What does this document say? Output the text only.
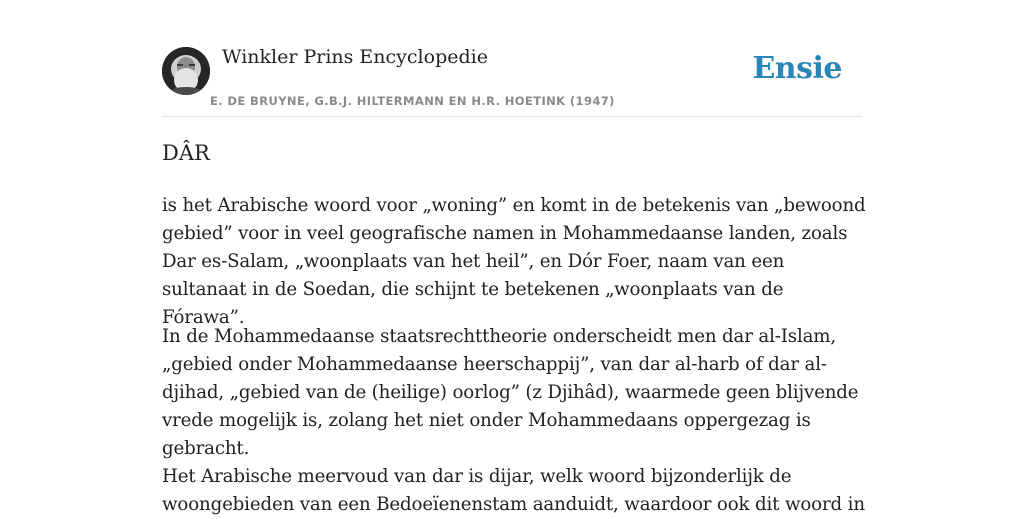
Winkler Prins Encyclopedie
E. DE BRUYNE, G.B.J. HILTERMANN EN H.R. HOETINK (1947)
Ensie
DÂR

is het Arabische woord voor „woning” en komt in de betekenis van „bewoond gebied” voor in veel geografische namen in Mohammedaanse landen, zoals Dar es-Salam, „woonplaats van het heil”, en Dór Foer, naam van een sultanaat in de Soedan, die schijnt te betekenen „woonplaats van de Fórawa”.

In de Mohammedaanse staatsrechttheorie onderscheidt men dar al-Islam, „gebied onder Mohammedaanse heerschappij”, van dar al-harb of dar al-djihad, „gebied van de (heilige) oorlog” (z Djihâd), waarmede geen blijvende vrede mogelijk is, zolang het niet onder Mohammedaans oppergezag is gebracht.

Het Arabische meervoud van dar is dijar, welk woord bijzonderlijk de woongebieden van een Bedoeïenenstam aanduidt, waardoor ook dit woord in
